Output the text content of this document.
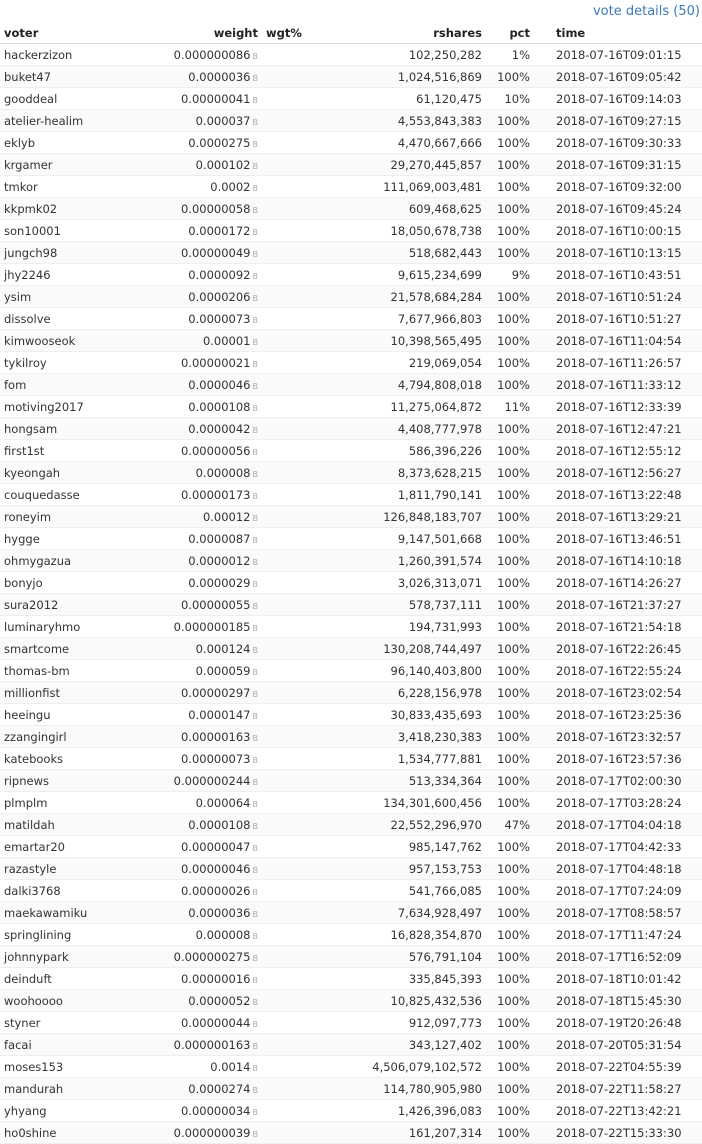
vote details (50)
voter	weight	wgt%	rshares	pct	time
hackerzizon	0.000000086 B		102,250,282	1%	2018-07-16T09:01:15
buket47	0.0000036 B		1,024,516,869	100%	2018-07-16T09:05:42
gooddeal	0.00000041 B		61,120,475	10%	2018-07-16T09:14:03
atelier-healim	0.000037 B		4,553,843,383	100%	2018-07-16T09:27:15
eklyb	0.0000275 B		4,470,667,666	100%	2018-07-16T09:30:33
krgamer	0.000102 B		29,270,445,857	100%	2018-07-16T09:31:15
tmkor	0.0002 B		111,069,003,481	100%	2018-07-16T09:32:00
kkpmk02	0.00000058 B		609,468,625	100%	2018-07-16T09:45:24
son10001	0.0000172 B		18,050,678,738	100%	2018-07-16T10:00:15
jungch98	0.00000049 B		518,682,443	100%	2018-07-16T10:13:15
jhy2246	0.0000092 B		9,615,234,699	9%	2018-07-16T10:43:51
ysim	0.0000206 B		21,578,684,284	100%	2018-07-16T10:51:24
dissolve	0.0000073 B		7,677,966,803	100%	2018-07-16T10:51:27
kimwooseok	0.00001 B		10,398,565,495	100%	2018-07-16T11:04:54
tykilroy	0.00000021 B		219,069,054	100%	2018-07-16T11:26:57
fom	0.0000046 B		4,794,808,018	100%	2018-07-16T11:33:12
motiving2017	0.0000108 B		11,275,064,872	11%	2018-07-16T12:33:39
hongsam	0.0000042 B		4,408,777,978	100%	2018-07-16T12:47:21
first1st	0.00000056 B		586,396,226	100%	2018-07-16T12:55:12
kyeongah	0.000008 B		8,373,628,215	100%	2018-07-16T12:56:27
couquedasse	0.00000173 B		1,811,790,141	100%	2018-07-16T13:22:48
roneyim	0.00012 B		126,848,183,707	100%	2018-07-16T13:29:21
hygge	0.0000087 B		9,147,501,668	100%	2018-07-16T13:46:51
ohmygazua	0.0000012 B		1,260,391,574	100%	2018-07-16T14:10:18
bonyjo	0.0000029 B		3,026,313,071	100%	2018-07-16T14:26:27
sura2012	0.00000055 B		578,737,111	100%	2018-07-16T21:37:27
luminaryhmo	0.000000185 B		194,731,993	100%	2018-07-16T21:54:18
smartcome	0.000124 B		130,208,744,497	100%	2018-07-16T22:26:45
thomas-bm	0.000059 B		96,140,403,800	100%	2018-07-16T22:55:24
millionfist	0.00000297 B		6,228,156,978	100%	2018-07-16T23:02:54
heeingu	0.0000147 B		30,833,435,693	100%	2018-07-16T23:25:36
zzangingirl	0.00000163 B		3,418,230,383	100%	2018-07-16T23:32:57
katebooks	0.00000073 B		1,534,777,881	100%	2018-07-16T23:57:36
ripnews	0.000000244 B		513,334,364	100%	2018-07-17T02:00:30
plmplm	0.000064 B		134,301,600,456	100%	2018-07-17T03:28:24
matildah	0.0000108 B		22,552,296,970	47%	2018-07-17T04:04:18
emartar20	0.00000047 B		985,147,762	100%	2018-07-17T04:42:33
razastyle	0.00000046 B		957,153,753	100%	2018-07-17T04:48:18
dalki3768	0.00000026 B		541,766,085	100%	2018-07-17T07:24:09
maekawamiku	0.0000036 B		7,634,928,497	100%	2018-07-17T08:58:57
springlining	0.000008 B		16,828,354,870	100%	2018-07-17T11:47:24
johnnypark	0.000000275 B		576,791,104	100%	2018-07-17T16:52:09
deinduft	0.00000016 B		335,845,393	100%	2018-07-18T10:01:42
woohoooo	0.0000052 B		10,825,432,536	100%	2018-07-18T15:45:30
styner	0.00000044 B		912,097,773	100%	2018-07-19T20:26:48
facai	0.000000163 B		343,127,402	100%	2018-07-20T05:31:54
moses153	0.0014 B		4,506,079,102,572	100%	2018-07-22T04:55:39
mandurah	0.0000274 B		114,780,905,980	100%	2018-07-22T11:58:27
yhyang	0.00000034 B		1,426,396,083	100%	2018-07-22T13:42:21
ho0shine	0.000000039 B		161,207,314	100%	2018-07-22T15:33:30
